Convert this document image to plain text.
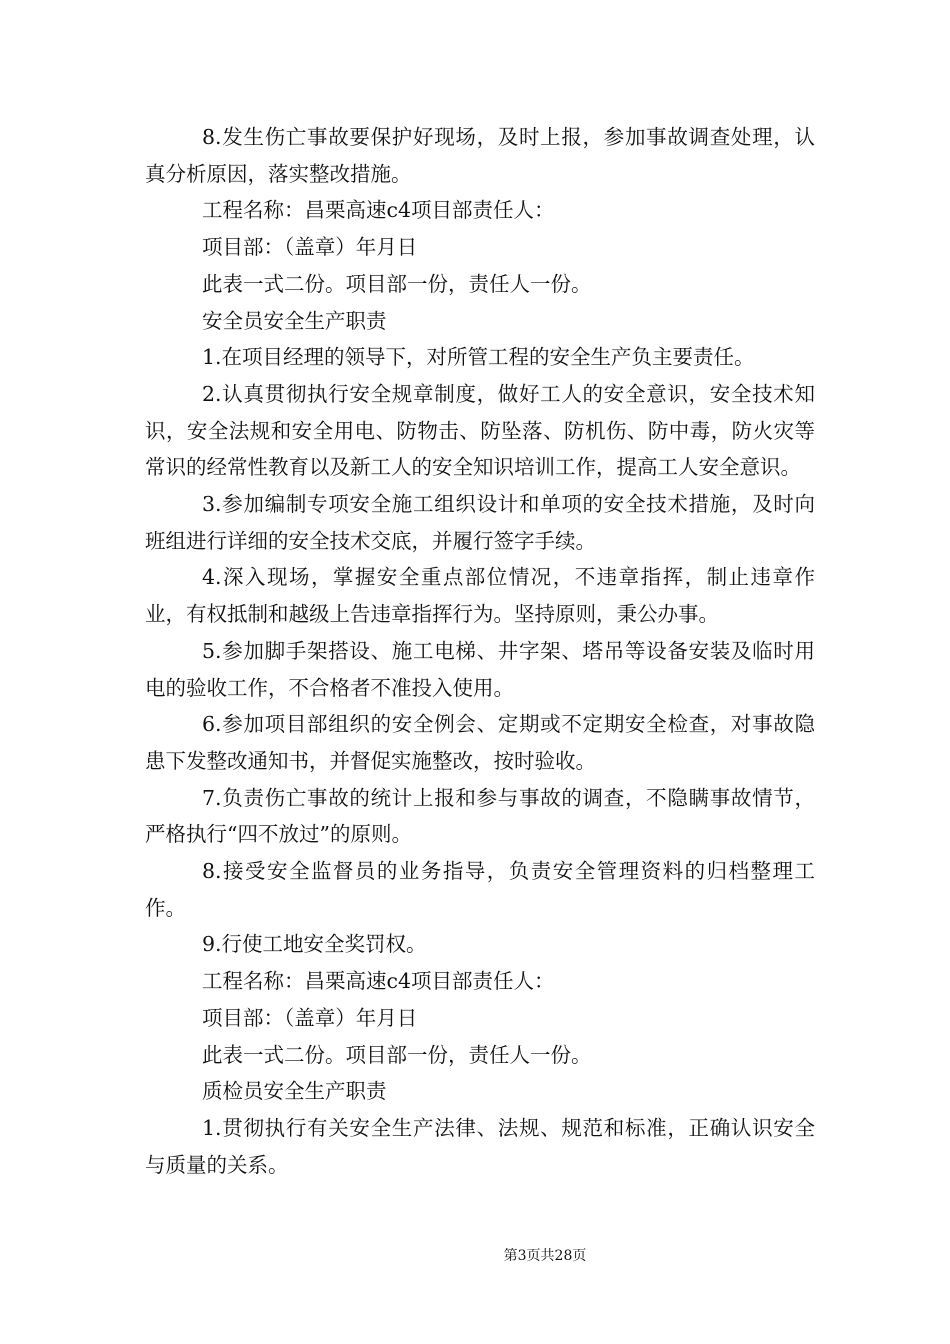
8.发生伤亡事故要保护好现场，及时上报，参加事故调查处理，认真分析原因，落实整改措施。

工程名称：昌栗高速c4项目部责任人：

项目部：（盖章）年月日

此表一式二份。项目部一份，责任人一份。

安全员安全生产职责

1.在项目经理的领导下，对所管工程的安全生产负主要责任。

2.认真贯彻执行安全规章制度，做好工人的安全意识，安全技术知识，安全法规和安全用电、防物击、防坠落、防机伤、防中毒，防火灾等常识的经常性教育以及新工人的安全知识培训工作，提高工人安全意识。

3.参加编制专项安全施工组织设计和单项的安全技术措施，及时向班组进行详细的安全技术交底，并履行签字手续。

4.深入现场，掌握安全重点部位情况，不违章指挥，制止违章作业，有权抵制和越级上告违章指挥行为。坚持原则，秉公办事。

5.参加脚手架搭设、施工电梯、井字架、塔吊等设备安装及临时用电的验收工作，不合格者不准投入使用。

6.参加项目部组织的安全例会、定期或不定期安全检查，对事故隐患下发整改通知书，并督促实施整改，按时验收。

7.负责伤亡事故的统计上报和参与事故的调查，不隐瞒事故情节，严格执行“四不放过”的原则。

8.接受安全监督员的业务指导，负责安全管理资料的归档整理工作。

9.行使工地安全奖罚权。

工程名称：昌栗高速c4项目部责任人：

项目部：（盖章）年月日

此表一式二份。项目部一份，责任人一份。

质检员安全生产职责

1.贯彻执行有关安全生产法律、法规、规范和标准，正确认识安全与质量的关系。

第3页共28页
